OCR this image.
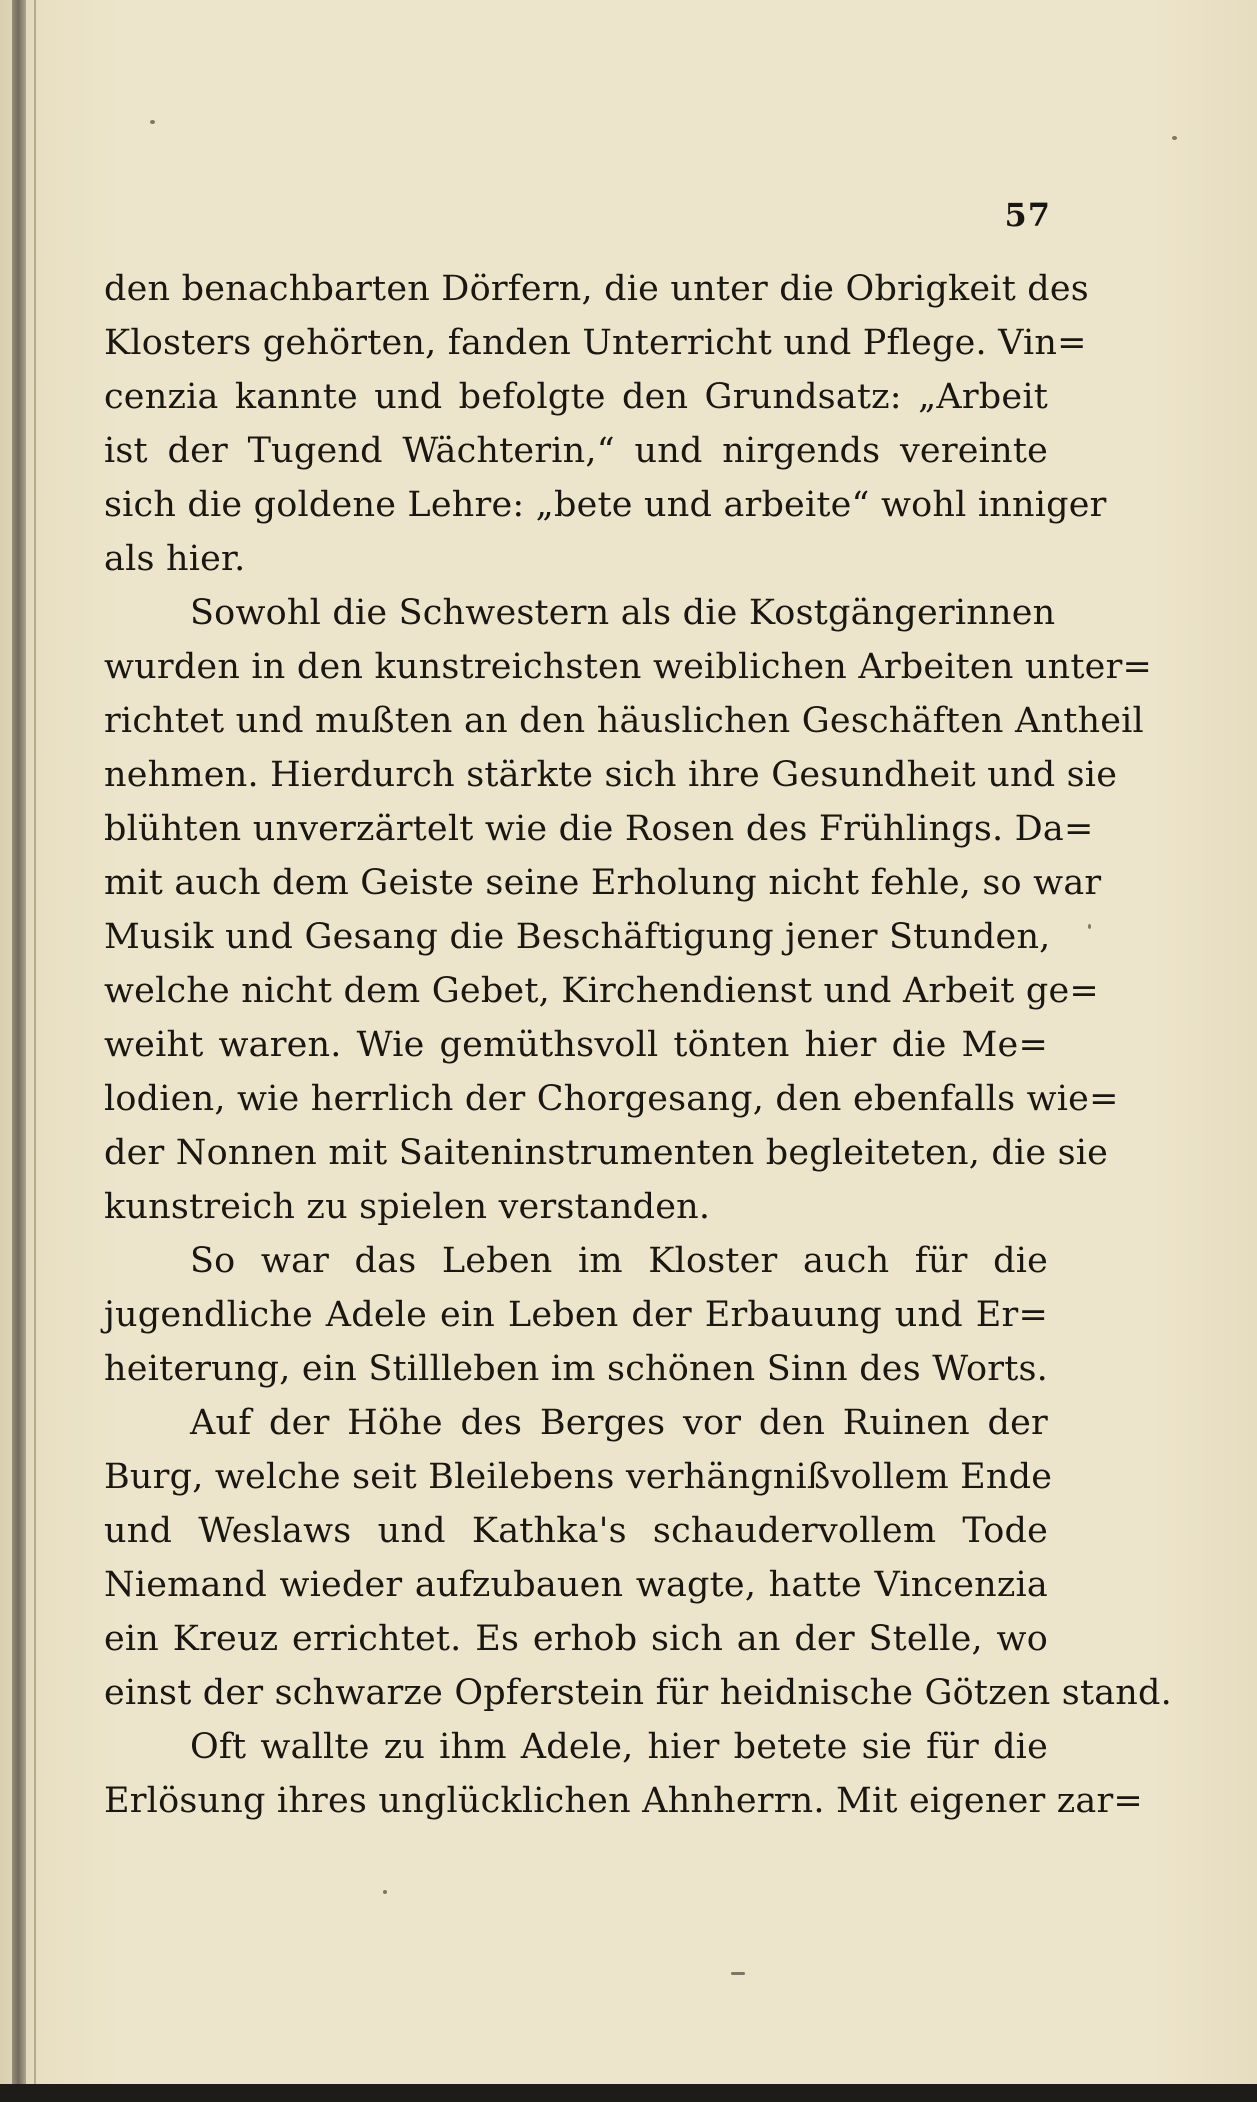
57
den benachbarten Dörfern, die unter die Obrigkeit des
Klosters gehörten, fanden Unterricht und Pflege. Vin=
cenzia kannte und befolgte den Grundsatz: „Arbeit
ist der Tugend Wächterin,“ und nirgends vereinte
sich die goldene Lehre: „bete und arbeite“ wohl inniger
als hier.
Sowohl die Schwestern als die Kostgängerinnen
wurden in den kunstreichsten weiblichen Arbeiten unter=
richtet und mußten an den häuslichen Geschäften Antheil
nehmen. Hierdurch stärkte sich ihre Gesundheit und sie
blühten unverzärtelt wie die Rosen des Frühlings. Da=
mit auch dem Geiste seine Erholung nicht fehle, so war
Musik und Gesang die Beschäftigung jener Stunden,
welche nicht dem Gebet, Kirchendienst und Arbeit ge=
weiht waren. Wie gemüthsvoll tönten hier die Me=
lodien, wie herrlich der Chorgesang, den ebenfalls wie=
der Nonnen mit Saiteninstrumenten begleiteten, die sie
kunstreich zu spielen verstanden.
So war das Leben im Kloster auch für die
jugendliche Adele ein Leben der Erbauung und Er=
heiterung, ein Stillleben im schönen Sinn des Worts.
Auf der Höhe des Berges vor den Ruinen der
Burg, welche seit Bleilebens verhängnißvollem Ende
und Weslaws und Kathka's schaudervollem Tode
Niemand wieder aufzubauen wagte, hatte Vincenzia
ein Kreuz errichtet. Es erhob sich an der Stelle, wo
einst der schwarze Opferstein für heidnische Götzen stand.
Oft wallte zu ihm Adele, hier betete sie für die
Erlösung ihres unglücklichen Ahnherrn. Mit eigener zar=
